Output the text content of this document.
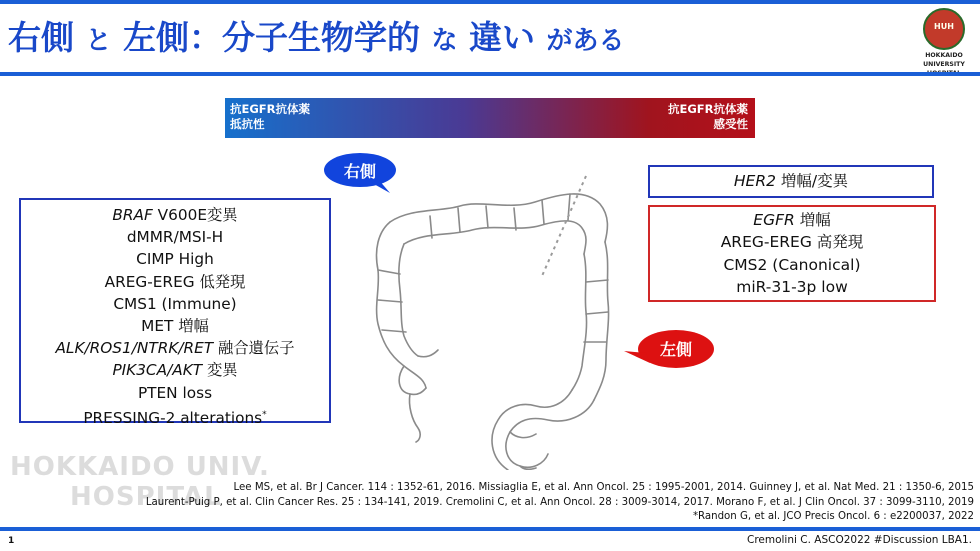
右側 と 左側：分子生物学的 な 違い がある	HUH
HOKKAIDO
UNIVERSITY
抗EGFR抗体薬
抵抗性
抗EGFR抗体薬
感受性
右側
左側
BRAF V600E変異
dMMR/MSI-H
CIMP High
AREG-EREG 低発現
CMS1 (Immune)
MET 増幅
ALK/ROS1/NTRK/RET 融合遺伝子
PIK3CA/AKT 変異
PTEN loss
PRESSING-2 alterations*
HER2 増幅/変異
EGFR 増幅
AREG-EREG 高発現
CMS2 (Canonical)
miR-31-3p low
HOKKAIDO UNIV.
HOSPITAL	Lee MS, et al. Br J Cancer. 114 : 1352-61, 2016. Missiaglia E, et al. Ann Oncol. 25 : 1995-2001, 2014. Guinney J, et al. Nat Med. 21 : 1350-6, 2015
Laurent-Puig P, et al. Clin Cancer Res. 25 : 134-141, 2019. Cremolini C, et al. Ann Oncol. 28 : 3009-3014, 2017. Morano F, et al. J Clin Oncol. 37 : 3099-3110, 2019
*Randon G, et al. JCO Precis Oncol. 6 : e2200037, 2022
1	Cremolini C. ASCO2022 #Discussion LBA1.
